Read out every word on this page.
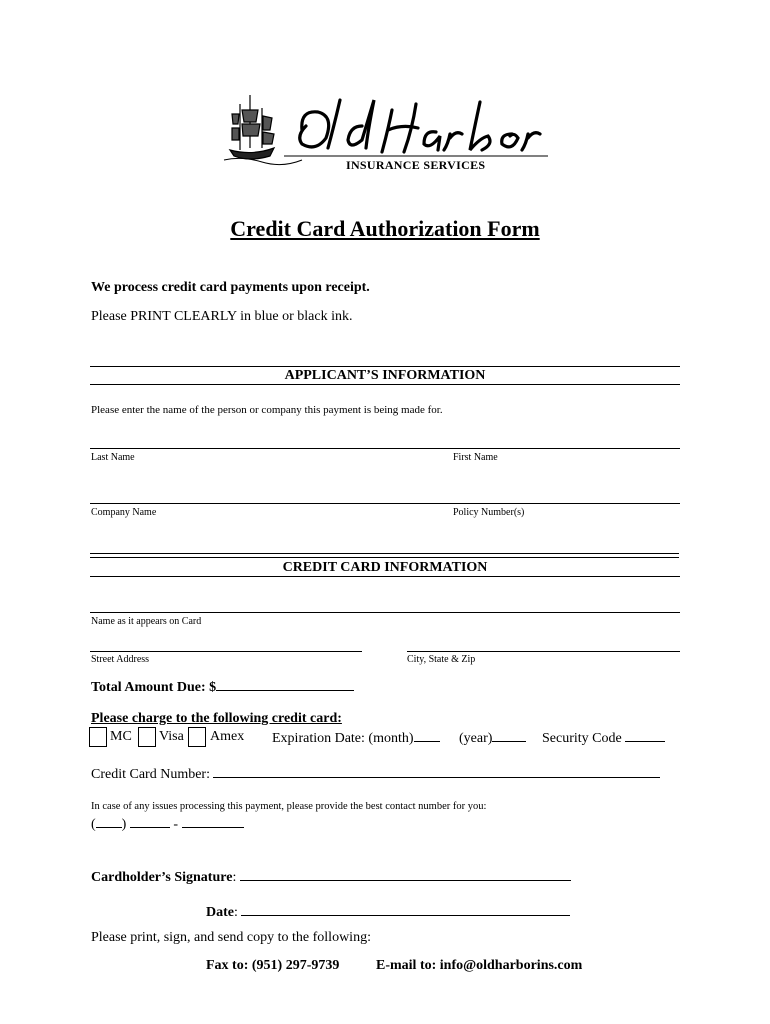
INSURANCE SERVICES
Credit Card Authorization Form
We process credit card payments upon receipt.
Please PRINT CLEARLY in blue or black ink.
APPLICANT’S INFORMATION
Please enter the name of the person or company this payment is being made for.
Last Name	First Name
Company Name	Policy Number(s)
CREDIT CARD INFORMATION
Name as it appears on Card
Street Address	City, State & Zip
Total Amount Due: $
Please charge to the following credit card:
MC Visa Amex Expiration Date: (month)	(year)	Security Code
Credit Card Number:
In case of any issues processing this payment, please provide the best contact number for you:
( )	-
Cardholder’s Signature:
Date:
Please print, sign, and send copy to the following:
Fax to: (951) 297-9739	E-mail to: info@oldharborins.com
